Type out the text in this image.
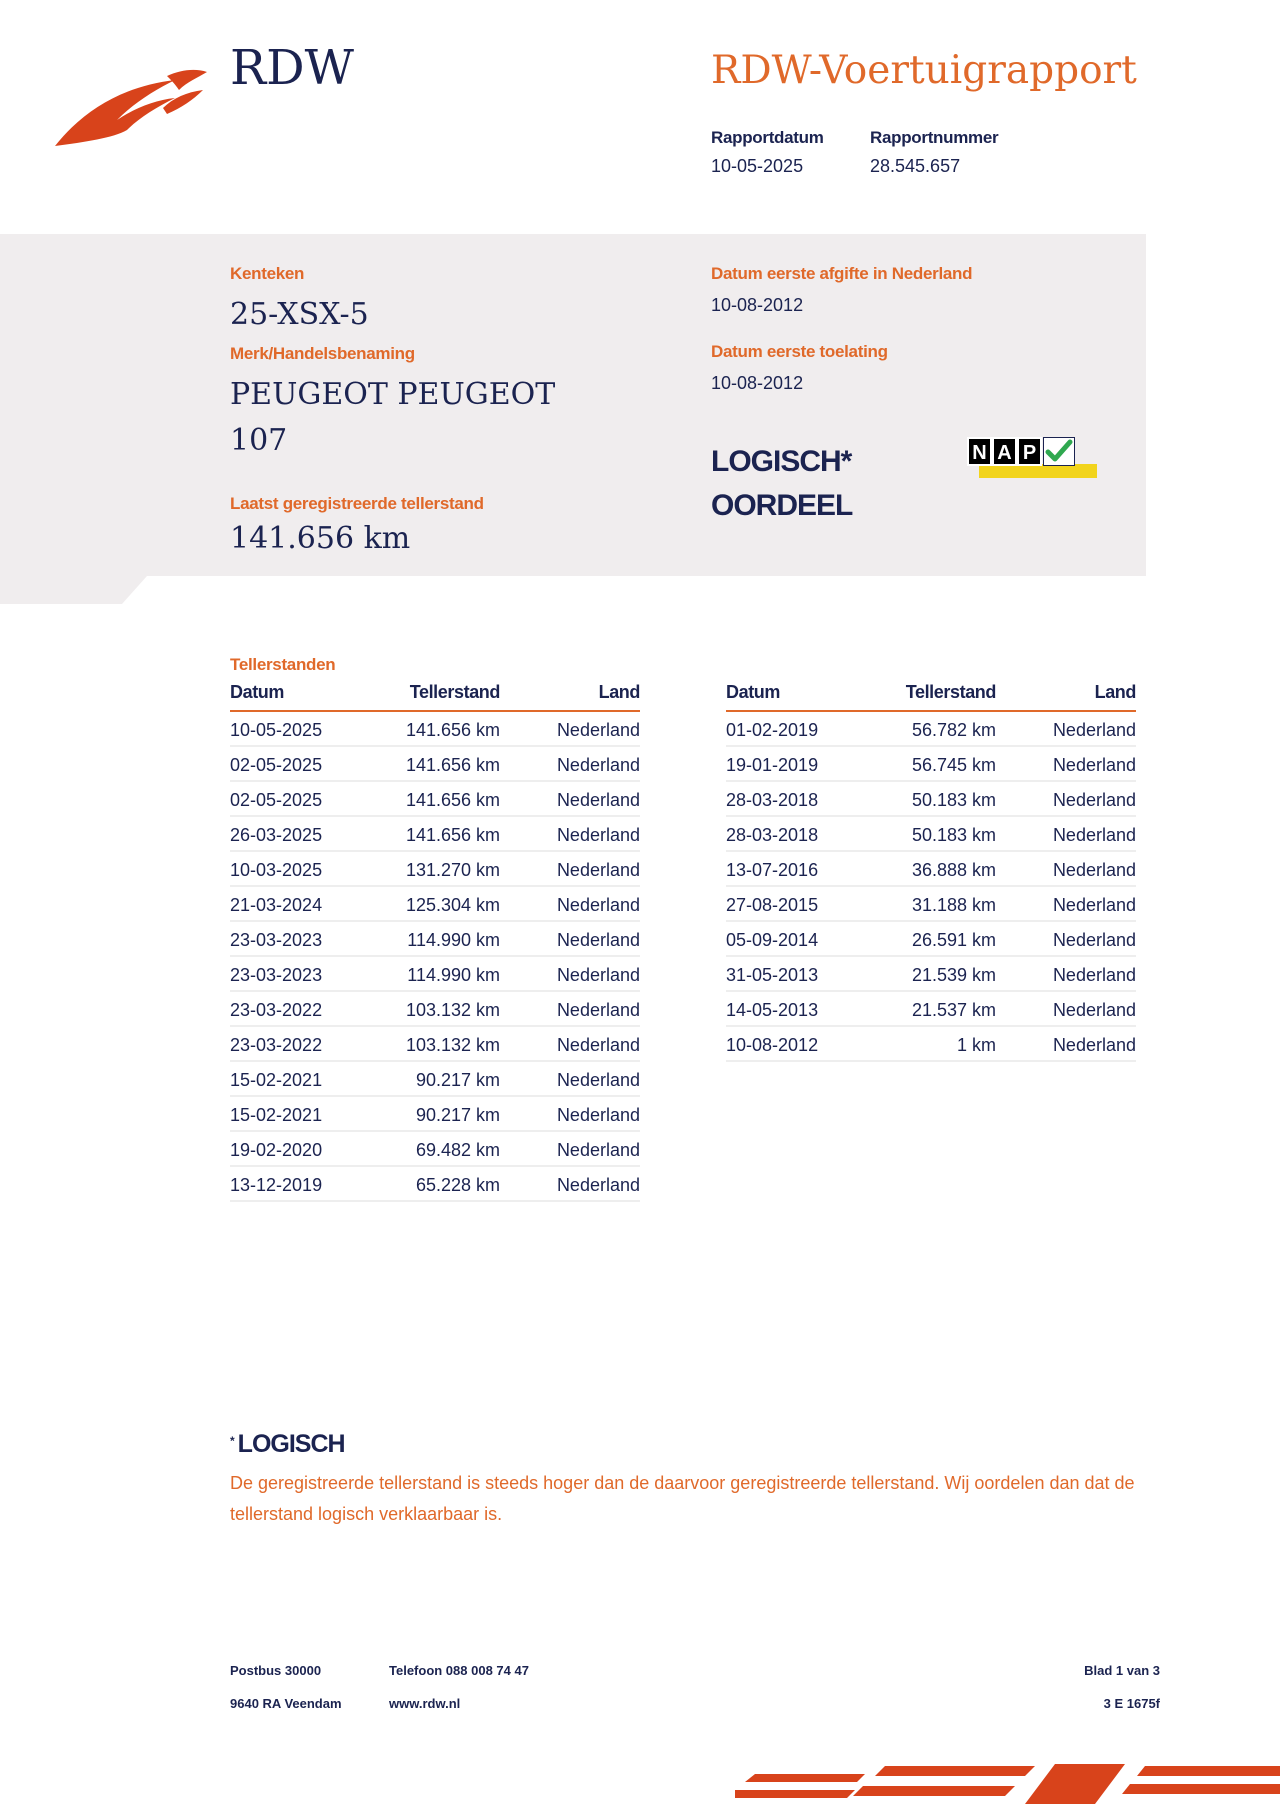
RDW	RDW-Voertuigrapport
Rapportdatum	Rapportnummer
10-05-2025	28.545.657
Kenteken
25-XSX-5
Merk/Handelsbenaming
PEUGEOT PEUGEOT 107
Laatst geregistreerde tellerstand
141.656 km
Datum eerste afgifte in Nederland
10-08-2012
Datum eerste toelating
10-08-2012
LOGISCH* OORDEEL
N A P
Tellerstanden
Datum	Tellerstand	Land
10-05-2025	141.656 km	Nederland
02-05-2025	141.656 km	Nederland
02-05-2025	141.656 km	Nederland
26-03-2025	141.656 km	Nederland
10-03-2025	131.270 km	Nederland
21-03-2024	125.304 km	Nederland
23-03-2023	114.990 km	Nederland
23-03-2023	114.990 km	Nederland
23-03-2022	103.132 km	Nederland
23-03-2022	103.132 km	Nederland
15-02-2021	90.217 km	Nederland
15-02-2021	90.217 km	Nederland
19-02-2020	69.482 km	Nederland
13-12-2019	65.228 km	Nederland
Datum	Tellerstand	Land
01-02-2019	56.782 km	Nederland
19-01-2019	56.745 km	Nederland
28-03-2018	50.183 km	Nederland
28-03-2018	50.183 km	Nederland
13-07-2016	36.888 km	Nederland
27-08-2015	31.188 km	Nederland
05-09-2014	26.591 km	Nederland
31-05-2013	21.539 km	Nederland
14-05-2013	21.537 km	Nederland
10-08-2012	1 km	Nederland
* LOGISCH
De geregistreerde tellerstand is steeds hoger dan de daarvoor geregistreerde tellerstand. Wij oordelen dan dat de tellerstand logisch verklaarbaar is.
Postbus 30000
9640 RA Veendam
Telefoon 088 008 74 47
www.rdw.nl
Blad 1 van 3
3 E 1675f
